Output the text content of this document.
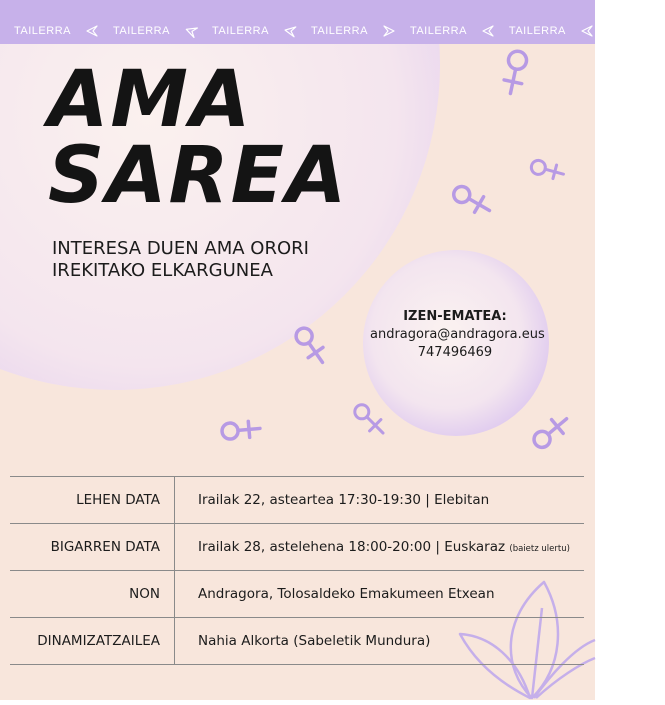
TAILERRA	TAILERRA	TAILERRA	TAILERRA	TAILERRA	TAILERRA	TAILERRA
AMA
SAREA

INTERESA DUEN AMA ORORI
IREKITAKO ELKARGUNEA

IZEN-EMATEA:
andragora@andragora.eus
747496469
LEHEN DATA	Irailak 22, asteartea 17:30-19:30 | Elebitan
BIGARREN DATA	Irailak 28, astelehena 18:00-20:00 | Euskaraz (baietz ulertu)
NON	Andragora, Tolosaldeko Emakumeen Etxean
DINAMIZATZAILEA	Nahia Alkorta (Sabeletik Mundura)
